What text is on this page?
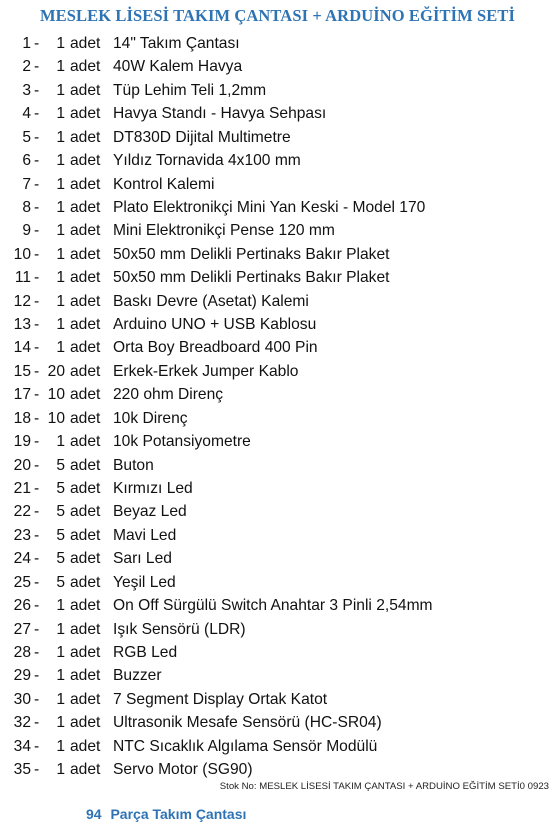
MESLEK LİSESİ TAKIM ÇANTASI + ARDUİNO EĞİTİM SETİ
1 -	1 adet 14" Takım Çantası
2 -	1 adet 40W Kalem Havya
3 -	1 adet Tüp Lehim Teli 1,2mm
4 -	1 adet Havya Standı - Havya Sehpası
5 -	1 adet DT830D Dijital Multimetre
6 -	1 adet Yıldız Tornavida 4x100 mm
7 -	1 adet Kontrol Kalemi
8 -	1 adet Plato Elektronikçi Mini Yan Keski - Model 170
9 -	1 adet Mini Elektronikçi Pense 120 mm
10 -	1 adet 50x50 mm Delikli Pertinaks Bakır Plaket
11 -	1 adet 50x50 mm Delikli Pertinaks Bakır Plaket
12 -	1 adet Baskı Devre (Asetat) Kalemi
13 -	1 adet Arduino UNO + USB Kablosu
14 -	1 adet Orta Boy Breadboard 400 Pin
15 - 20 adet Erkek-Erkek Jumper Kablo
17 - 10 adet 220 ohm Direnç
18 - 10 adet 10k Direnç
19 -	1 adet 10k Potansiyometre
20 -	5 adet Buton
21 -	5 adet Kırmızı Led
22 -	5 adet Beyaz Led
23 -	5 adet Mavi Led
24 -	5 adet Sarı Led
25 -	5 adet Yeşil Led
26 -	1 adet On Off Sürgülü Switch Anahtar 3 Pinli 2,54mm
27 -	1 adet Işık Sensörü (LDR)
28 -	1 adet RGB Led
29 -	1 adet Buzzer
30 -	1 adet 7 Segment Display Ortak Katot
32 -	1 adet Ultrasonik Mesafe Sensörü (HC-SR04)
34 -	1 adet NTC Sıcaklık Algılama Sensör Modülü
35 -	1 adet Servo Motor (SG90)
Stok No: MESLEK LİSESİ TAKIM ÇANTASI + ARDUİNO EĞİTİM SETİ0 0923
94 Parça Takım Çantası
